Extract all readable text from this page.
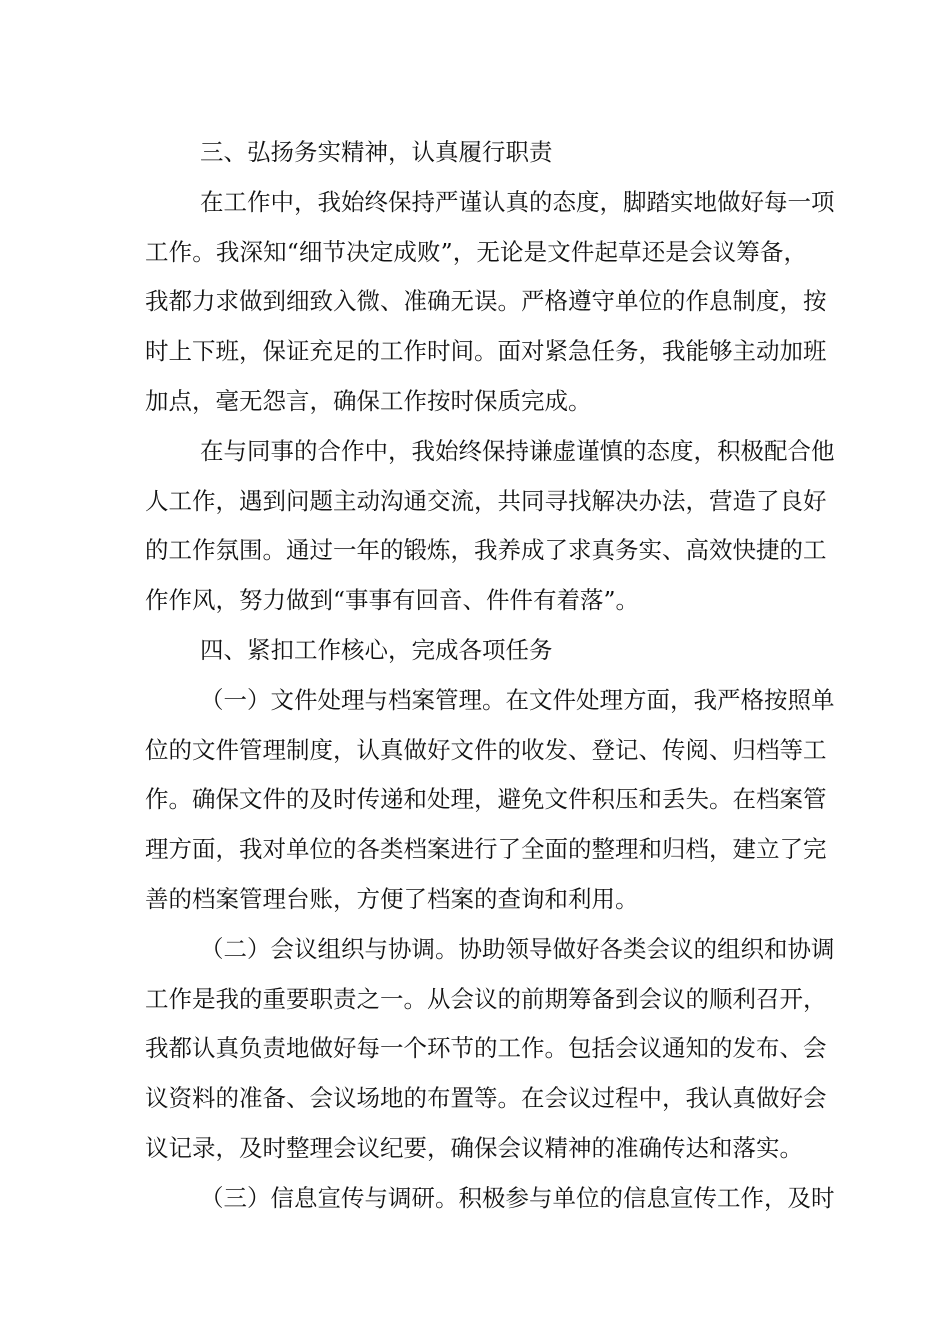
三、弘扬务实精神，认真履行职责
在工作中，我始终保持严谨认真的态度，脚踏实地做好每一项
工作。我深知“细节决定成败”，无论是文件起草还是会议筹备，
我都力求做到细致入微、准确无误。严格遵守单位的作息制度，按
时上下班，保证充足的工作时间。面对紧急任务，我能够主动加班
加点，毫无怨言，确保工作按时保质完成。
在与同事的合作中，我始终保持谦虚谨慎的态度，积极配合他
人工作，遇到问题主动沟通交流，共同寻找解决办法，营造了良好
的工作氛围。通过一年的锻炼，我养成了求真务实、高效快捷的工
作作风，努力做到“事事有回音、件件有着落”。
四、紧扣工作核心，完成各项任务
（一）文件处理与档案管理。在文件处理方面，我严格按照单
位的文件管理制度，认真做好文件的收发、登记、传阅、归档等工
作。确保文件的及时传递和处理，避免文件积压和丢失。在档案管
理方面，我对单位的各类档案进行了全面的整理和归档，建立了完
善的档案管理台账，方便了档案的查询和利用。
（二）会议组织与协调。协助领导做好各类会议的组织和协调
工作是我的重要职责之一。从会议的前期筹备到会议的顺利召开，
我都认真负责地做好每一个环节的工作。包括会议通知的发布、会
议资料的准备、会议场地的布置等。在会议过程中，我认真做好会
议记录，及时整理会议纪要，确保会议精神的准确传达和落实。
（三）信息宣传与调研。积极参与单位的信息宣传工作，及时
